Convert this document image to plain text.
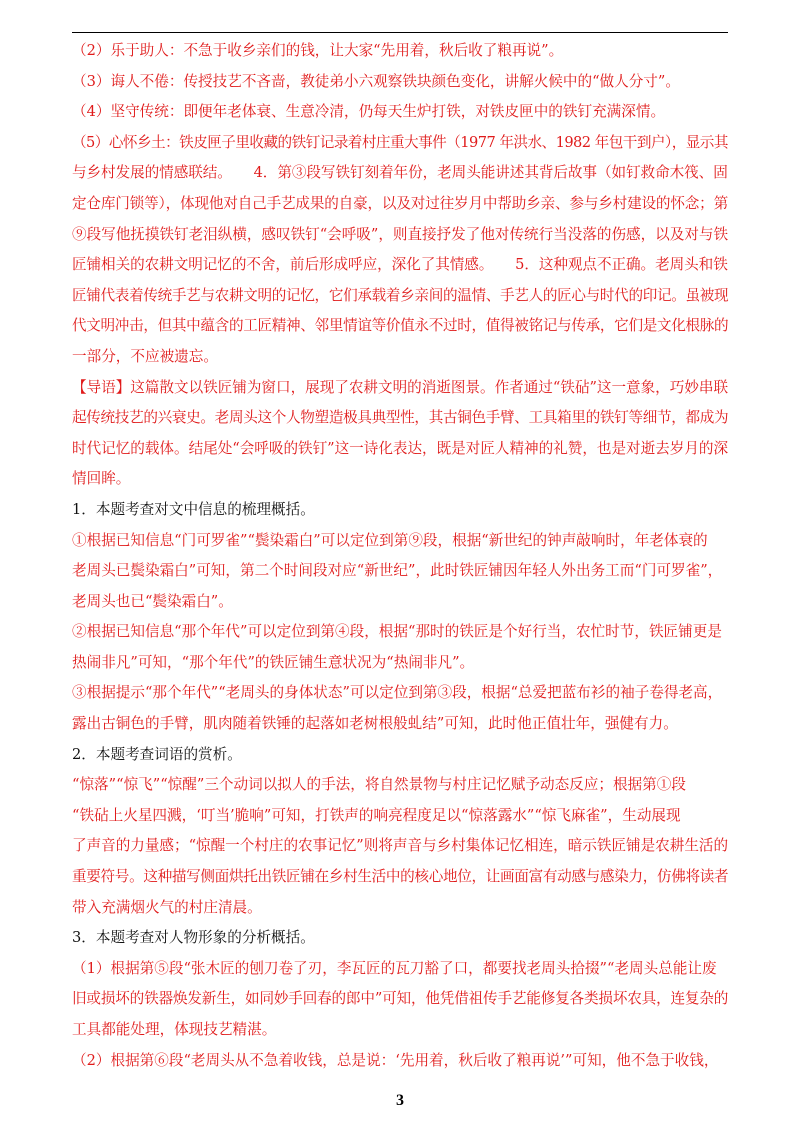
（2）乐于助人：不急于收乡亲们的钱，让大家“先用着，秋后收了粮再说”。
（3）诲人不倦：传授技艺不吝啬，教徒弟小六观察铁块颜色变化，讲解火候中的“做人分寸”。
（4）坚守传统：即便年老体衰、生意冷清，仍每天生炉打铁，对铁皮匣中的铁钉充满深情。
（5）心怀乡土：铁皮匣子里收藏的铁钉记录着村庄重大事件（1977 年洪水、1982 年包干到户），显示其
与乡村发展的情感联结。　　4．第③段写铁钉刻着年份，老周头能讲述其背后故事（如钉救命木筏、固
定仓库门锁等），体现他对自己手艺成果的自豪，以及对过往岁月中帮助乡亲、参与乡村建设的怀念；第
⑨段写他抚摸铁钉老泪纵横，感叹铁钉“会呼吸”，则直接抒发了他对传统行当没落的伤感，以及对与铁
匠铺相关的农耕文明记忆的不舍，前后形成呼应，深化了其情感。　　5．这种观点不正确。老周头和铁
匠铺代表着传统手艺与农耕文明的记忆，它们承载着乡亲间的温情、手艺人的匠心与时代的印记。虽被现
代文明冲击，但其中蕴含的工匠精神、邻里情谊等价值永不过时，值得被铭记与传承，它们是文化根脉的
一部分，不应被遗忘。
【导语】这篇散文以铁匠铺为窗口，展现了农耕文明的消逝图景。作者通过“铁砧”这一意象，巧妙串联
起传统技艺的兴衰史。老周头这个人物塑造极具典型性，其古铜色手臂、工具箱里的铁钉等细节，都成为
时代记忆的载体。结尾处“会呼吸的铁钉”这一诗化表达，既是对匠人精神的礼赞，也是对逝去岁月的深
情回眸。
1．本题考查对文中信息的梳理概括。
①根据已知信息“门可罗雀”“鬓染霜白”可以定位到第⑨段，根据“新世纪的钟声敲响时，年老体衰的
老周头已鬓染霜白”可知，第二个时间段对应“新世纪”，此时铁匠铺因年轻人外出务工而“门可罗雀”，
老周头也已“鬓染霜白”。
②根据已知信息“那个年代”可以定位到第④段，根据“那时的铁匠是个好行当，农忙时节，铁匠铺更是
热闹非凡”可知，“那个年代”的铁匠铺生意状况为“热闹非凡”。
③根据提示“那个年代”“老周头的身体状态”可以定位到第③段，根据“总爱把蓝布衫的袖子卷得老高，
露出古铜色的手臂，肌肉随着铁锤的起落如老树根般虬结”可知，此时他正值壮年，强健有力。
2．本题考查词语的赏析。
“惊落”“惊飞”“惊醒”三个动词以拟人的手法，将自然景物与村庄记忆赋予动态反应；根据第①段
“铁砧上火星四溅，‘叮当’脆响”可知，打铁声的响亮程度足以“惊落露水”“惊飞麻雀”，生动展现
了声音的力量感；“惊醒一个村庄的农事记忆”则将声音与乡村集体记忆相连，暗示铁匠铺是农耕生活的
重要符号。这种描写侧面烘托出铁匠铺在乡村生活中的核心地位，让画面富有动感与感染力，仿佛将读者
带入充满烟火气的村庄清晨。
3．本题考查对人物形象的分析概括。
（1）根据第⑤段“张木匠的刨刀卷了刃，李瓦匠的瓦刀豁了口，都要找老周头拾掇”“老周头总能让废
旧或损坏的铁器焕发新生，如同妙手回春的郎中”可知，他凭借祖传手艺能修复各类损坏农具，连复杂的
工具都能处理，体现技艺精湛。
（2）根据第⑥段“老周头从不急着收钱，总是说：‘先用着，秋后收了粮再说’”可知，他不急于收钱，
3
